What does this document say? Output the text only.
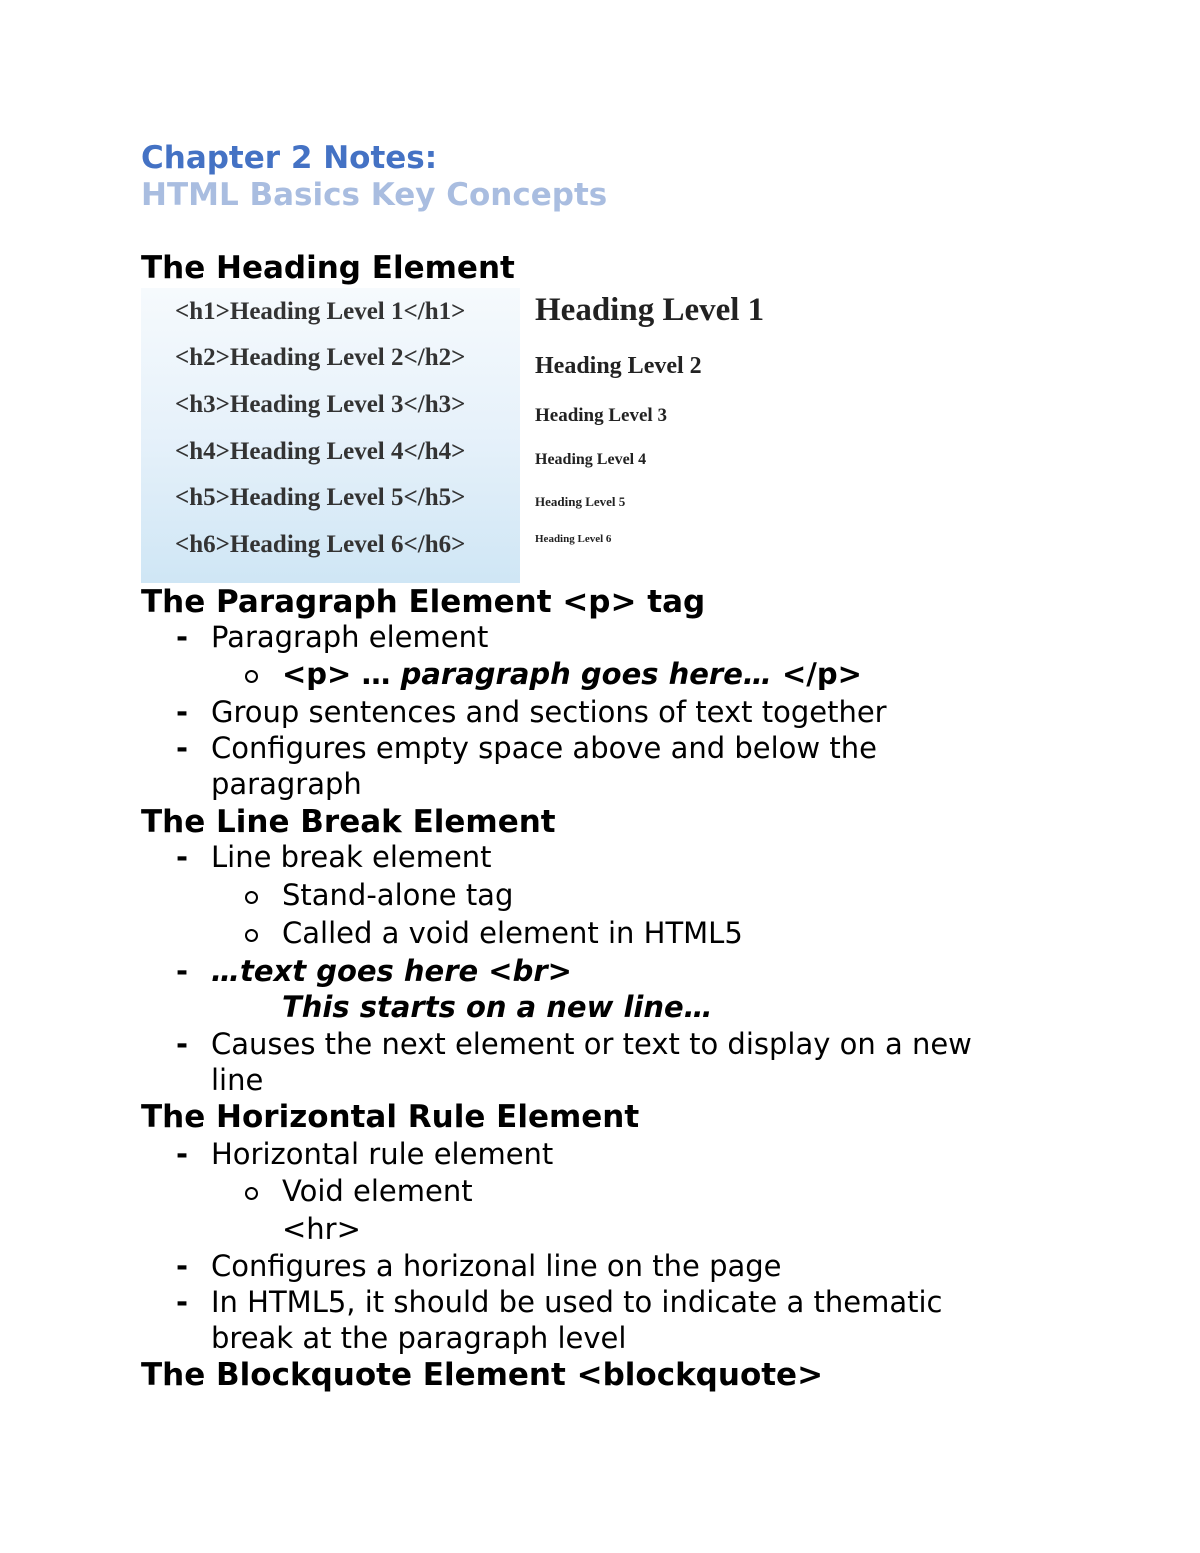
Chapter 2 Notes:
HTML Basics Key Concepts
The Heading Element
<h1>Heading Level 1</h1>
<h2>Heading Level 2</h2>
<h3>Heading Level 3</h3>
<h4>Heading Level 4</h4>
<h5>Heading Level 5</h5>
<h6>Heading Level 6</h6>
Heading Level 1
Heading Level 2
Heading Level 3
Heading Level 4
Heading Level 5
Heading Level 6
The Paragraph Element <p> tag
- Paragraph element
<p> … paragraph goes here… </p>
- Group sentences and sections of text together
- Configures empty space above and below the
paragraph
The Line Break Element
- Line break element
Stand-alone tag
Called a void element in HTML5
- …text goes here <br>
This starts on a new line…
- Causes the next element or text to display on a new
line
The Horizontal Rule Element
- Horizontal rule element
Void element
<hr>
- Configures a horizonal line on the page
- In HTML5, it should be used to indicate a thematic
break at the paragraph level
The Blockquote Element <blockquote>
